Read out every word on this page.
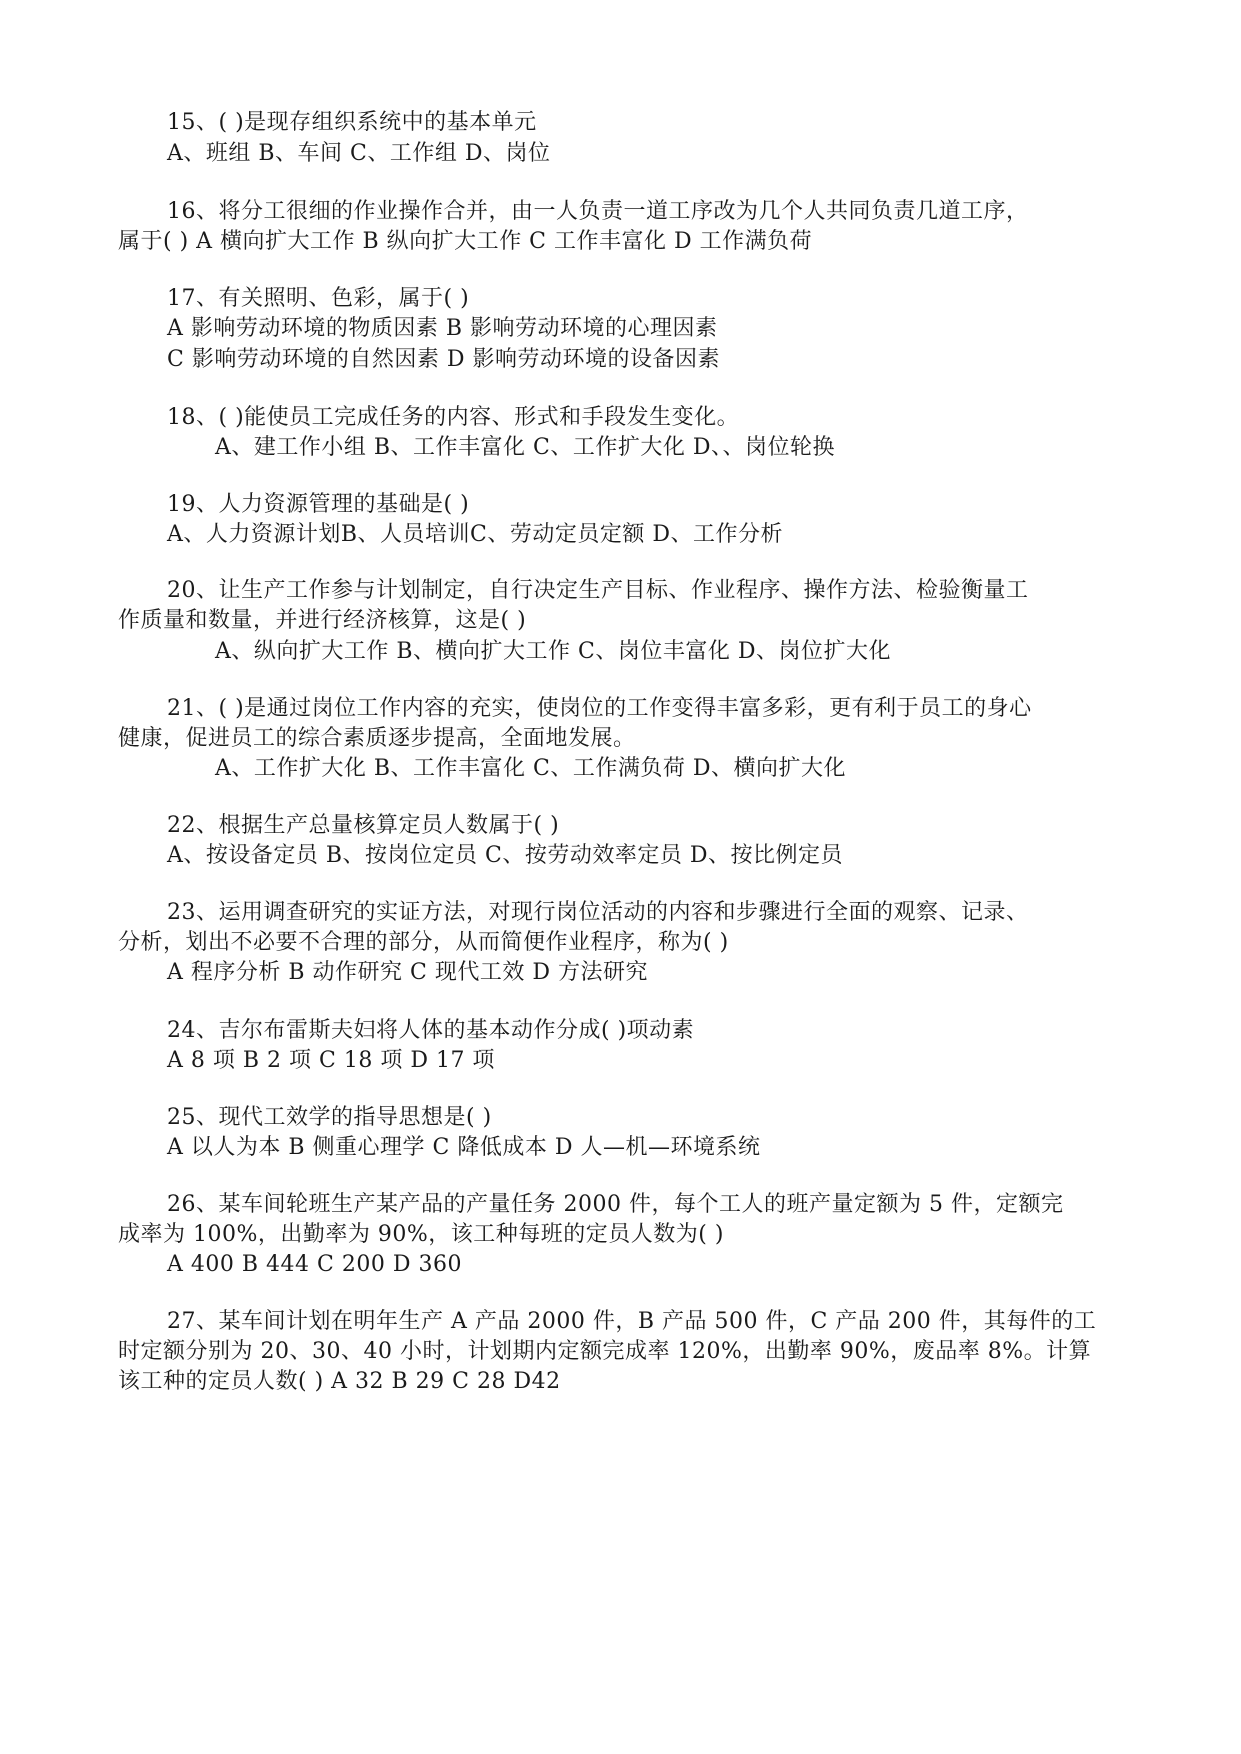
15、( )是现存组织系统中的基本单元
A、班组 B、车间 C、工作组 D、岗位
16、将分工很细的作业操作合并，由一人负责一道工序改为几个人共同负责几道工序，
属于( ) A 横向扩大工作 B 纵向扩大工作 C 工作丰富化 D 工作满负荷
17、有关照明、色彩，属于( )
A 影响劳动环境的物质因素 B 影响劳动环境的心理因素
C 影响劳动环境的自然因素 D 影响劳动环境的设备因素
18、( )能使员工完成任务的内容、形式和手段发生变化。
A、建工作小组 B、工作丰富化 C、工作扩大化 D、、岗位轮换
19、人力资源管理的基础是( )
A、人力资源计划B、人员培训C、劳动定员定额 D、工作分析
20、让生产工作参与计划制定，自行决定生产目标、作业程序、操作方法、检验衡量工
作质量和数量，并进行经济核算，这是( )
A、纵向扩大工作 B、横向扩大工作 C、岗位丰富化 D、岗位扩大化
21、( )是通过岗位工作内容的充实，使岗位的工作变得丰富多彩，更有利于员工的身心
健康，促进员工的综合素质逐步提高，全面地发展。
A、工作扩大化 B、工作丰富化 C、工作满负荷 D、横向扩大化
22、根据生产总量核算定员人数属于( )
A、按设备定员 B、按岗位定员 C、按劳动效率定员 D、按比例定员
23、运用调查研究的实证方法，对现行岗位活动的内容和步骤进行全面的观察、记录、
分析，划出不必要不合理的部分，从而简便作业程序，称为( )
A 程序分析 B 动作研究 C 现代工效 D 方法研究
24、吉尔布雷斯夫妇将人体的基本动作分成( )项动素
A 8 项 B 2 项 C 18 项 D 17 项
25、现代工效学的指导思想是( )
A 以人为本 B 侧重心理学 C 降低成本 D 人—机—环境系统
26、某车间轮班生产某产品的产量任务 2000 件，每个工人的班产量定额为 5 件，定额完
成率为 100%，出勤率为 90%，该工种每班的定员人数为( )
A 400 B 444 C 200 D 360
27、某车间计划在明年生产 A 产品 2000 件，B 产品 500 件，C 产品 200 件，其每件的工
时定额分别为 20、30、40 小时，计划期内定额完成率 120%，出勤率 90%，废品率 8%。计算
该工种的定员人数( ) A 32 B 29 C 28 D42
